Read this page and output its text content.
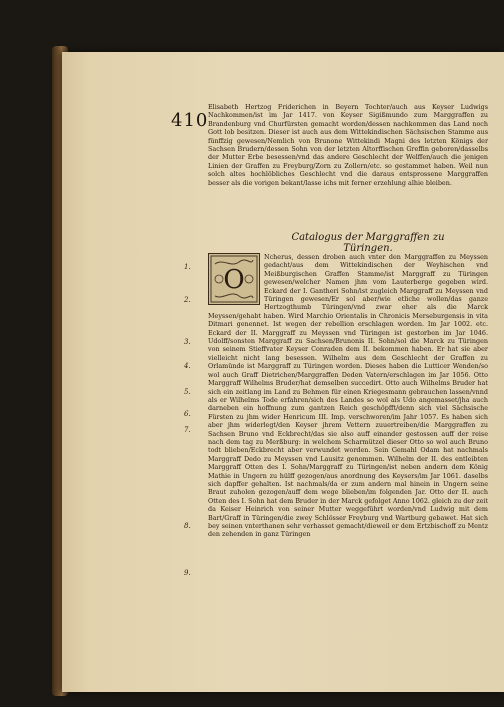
410

Elisabeth Hertzog Friderichen in Beyern Tochter/auch aus Keyser Ludwigs Nachkommen/ist im Jar 1417. von Keyser Sigißmundo zum Marggraffen zu Brandenburg vnd Churfürsten gemacht worden/dessen nachkommen das Land noch Gott lob besitzen. Dieser ist auch aus dem Wittekindischen Sächsischen Stamme aus fünffzig gewesen/Nemlich von Brunone Wittekindi Magni des letzten Königs der Sachsen Brudern/dessen Sohn von der letzten Altorffischen Greffin geboren/dasselbs der Mutter Erbe besessen/vnd das andere Geschlecht der Welffen/auch die jenigen Linien der Graffen zu Freyburg/Zorn zu Zollern/etc. so gestammet haben. Weil nun solch altes hochlöbliches Geschlecht vnd die daraus entsprossene Marggraffen besser als die vorigen bekant/lasse ichs mit ferner erzehlung alhie bleiben.

Catalogus der Marggraffen zu Türingen.
O

Ncherus, dessen droben auch vnter den Marggraffen zu Meyssen gedacht/aus dem Wittekindischen der Weyhischen vnd Meißburgischen Graffen Stamme/ist Marggraff zu Türingen gewesen/welcher Namen jhm vom Lauterberge gegeben wird. Eckard der I. Gantheri Sohn/ist zugleich Marggraff zu Meyssen vnd Türingen gewesen/Er sol aber/wie etliche wollen/das ganze Hertzogthumb Türingen/vnd zwar eher als die Marck Meyssen/gehabt haben. Wird Marchio Orientalis in Chronicis Merseburgensis in vita Ditmari genennet. Ist wegen der rebellion erschlagen worden. Im Jar 1002. etc. Eckard der II. Marggraff zu Meyssen vnd Türingen ist gestorben im Jar 1046. Udolff/sonsten Marggraff zu Sachsen/Brunonis II. Sohn/sol die Marck zu Türingen von seinem Stieffvater Keyser Conraden dem II. bekommen haben. Er hat sie aber vielleicht nicht lang besessen. Wilhelm aus dem Geschlecht der Graffen zu Orlamünde ist Marggraff zu Türingen worden. Dieses haben die Lutticer Wenden/so wol auch Graff Dietrichen/Marggraffen Deden Vatern/erschlagen im Jar 1056. Otto Marggraff Wilhelms Bruder/hat demselben succedirt. Otto auch Wilhelms Bruder hat sich ein zeitlang im Land zu Behmen für einen Kriegesmann gebrauchen lassen/vnnd als er Wilhelms Tode erfahren/sich des Landes so wol als Udo angemasset/jha auch darneben ein hoffnung zum gantzen Reich geschöpfft/denn sich viel Sächsische Fürsten zu jhm wider Henricum III. Imp. verschworen/im Jahr 1057. Es haben sich aber jhm widerlegt/den Keyser jhrem Vettern zuuertreiben/die Marggraffen zu Sachsen Bruno vnd Eckbrecht/das sie also auff einander gestossen auff der reise nach dem tag zu Merßburg: in welchem Scharmützel dieser Otto so wol auch Bruno todt blieben/Eckbrecht aber verwundet worden. Sein Gemahl Odam hat nachmals Marggraff Dedo zu Meyssen vnd Lausitz genommen. Wilhelm der II. des entleibten Marggraff Otten des I. Sohn/Marggraff zu Türingen/ist neben andern dem König Mathie in Ungern zu hülff gezogen/aus anordnung des Keysers/im Jar 1061. daselbs sich dapffer gehalten. Ist nachmals/da er zum andern mal hinein in Ungern seine Braut zuholen gezogen/auff dem wege blieben/im folgenden Jar. Otto der II. auch Otten des I. Sohn hat dem Bruder in der Marck gefolget Anno 1062. gleich zu der zeit da Keiser Heinrich von seiner Mutter weggeführt worden/vnd Ludwig mit dem Bart/Graff in Türingen/die zwey Schlösser Freyburg vnd Wartburg gebawet. Hat sich bey seinen vnterthanen sehr verhasset gemacht/dieweil er dem Ertzbischoff zu Mentz den zehenden in ganz Türingen

1.
2.
3.
4.
5.
6.
7.
8.
9.
